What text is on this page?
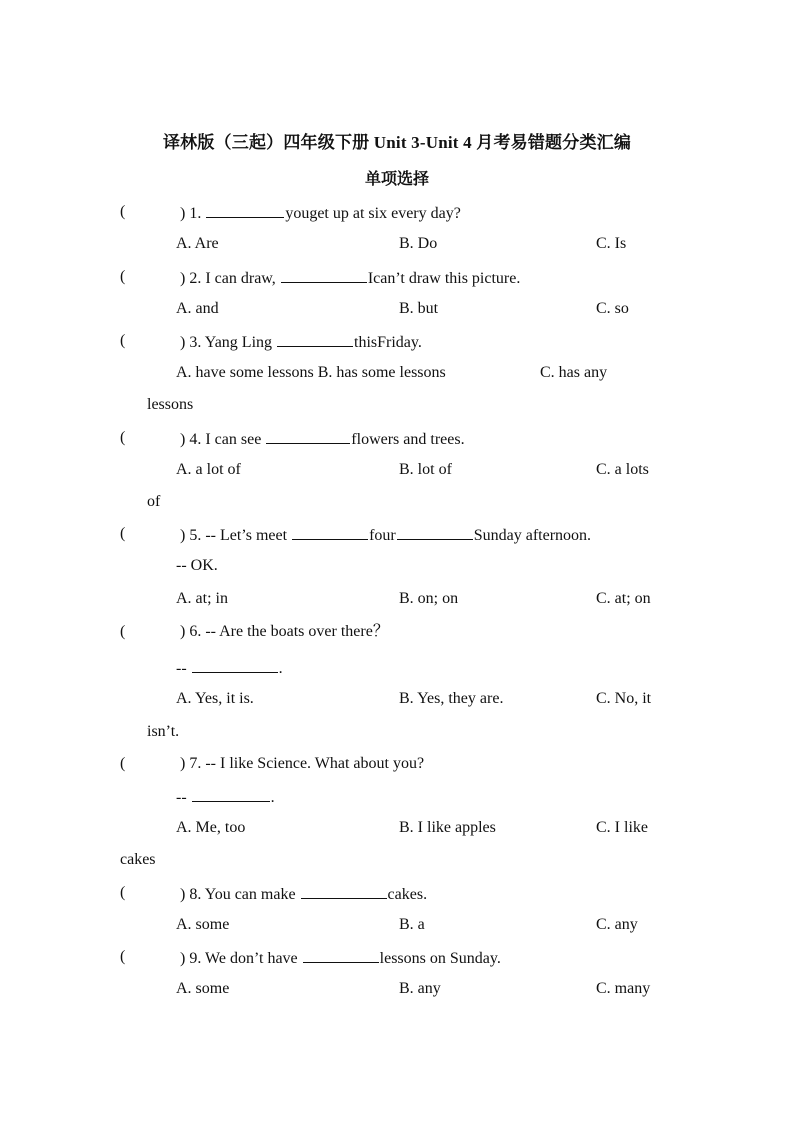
译林版（三起）四年级下册 Unit 3-Unit 4 月考易错题分类汇编
单项选择
(	) 1.	youget up at six every day?
A. Are	B. Do	C. Is
(	) 2. I can draw,	Ican’t draw this picture.
A. and	B. but	C. so
(	) 3. Yang Ling	thisFriday.
A. have some lessons B. has some lessons	C. has any
lessons
(	) 4. I can see	flowers and trees.
A. a lot of	B. lot of	C. a lots
of
(	) 5. -- Let’s meet	four	Sunday afternoon.
-- OK.
A. at; in	B. on; on	C. at; on
(	) 6. -- Are the boats over there？
--	.
A. Yes, it is.	B. Yes, they are.	C. No, it
isn’t.
(	) 7. -- I like Science. What about you?
--	.
A. Me, too	B. I like apples	C. I like
cakes
(	) 8. You can make	cakes.
A. some	B. a	C. any
(	) 9. We don’t have	lessons on Sunday.
A. some	B. any	C. many
